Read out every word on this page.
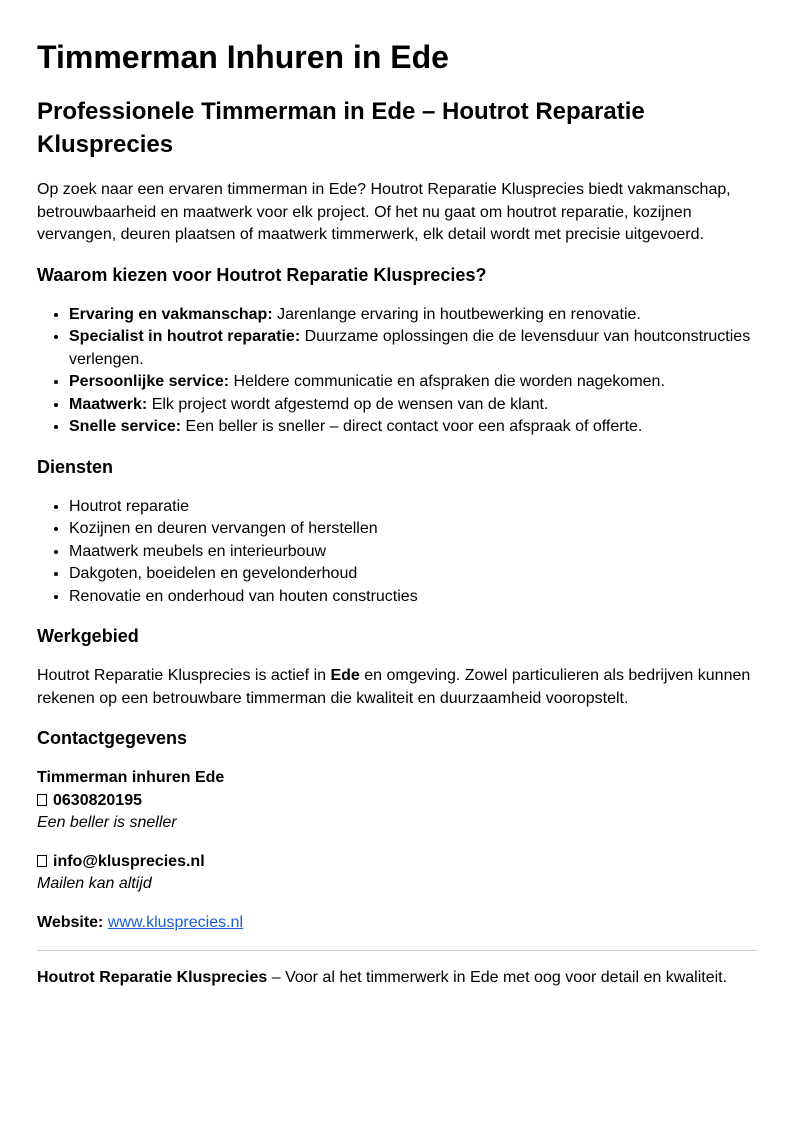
Timmerman Inhuren in Ede
Professionele Timmerman in Ede – Houtrot Reparatie Klusprecies

Op zoek naar een ervaren timmerman in Ede? Houtrot Reparatie Klusprecies biedt vakmanschap, betrouwbaarheid en maatwerk voor elk project. Of het nu gaat om houtrot reparatie, kozijnen vervangen, deuren plaatsen of maatwerk timmerwerk, elk detail wordt met precisie uitgevoerd.

Waarom kiezen voor Houtrot Reparatie Klusprecies?
• Ervaring en vakmanschap: Jarenlange ervaring in houtbewerking en renovatie.
• Specialist in houtrot reparatie: Duurzame oplossingen die de levensduur van houtconstructies verlengen.
• Persoonlijke service: Heldere communicatie en afspraken die worden nagekomen.
• Maatwerk: Elk project wordt afgestemd op de wensen van de klant.
• Snelle service: Een beller is sneller – direct contact voor een afspraak of offerte.
Diensten
• Houtrot reparatie
• Kozijnen en deuren vervangen of herstellen
• Maatwerk meubels en interieurbouw
• Dakgoten, boeidelen en gevelonderhoud
• Renovatie en onderhoud van houten constructies
Werkgebied

Houtrot Reparatie Klusprecies is actief in Ede en omgeving. Zowel particulieren als bedrijven kunnen rekenen op een betrouwbare timmerman die kwaliteit en duurzaamheid vooropstelt.

Contactgegevens

Timmerman inhuren Ede
0630820195
Een beller is sneller

info@klusprecies.nl
Mailen kan altijd

Website: www.klusprecies.nl

Houtrot Reparatie Klusprecies – Voor al het timmerwerk in Ede met oog voor detail en kwaliteit.
